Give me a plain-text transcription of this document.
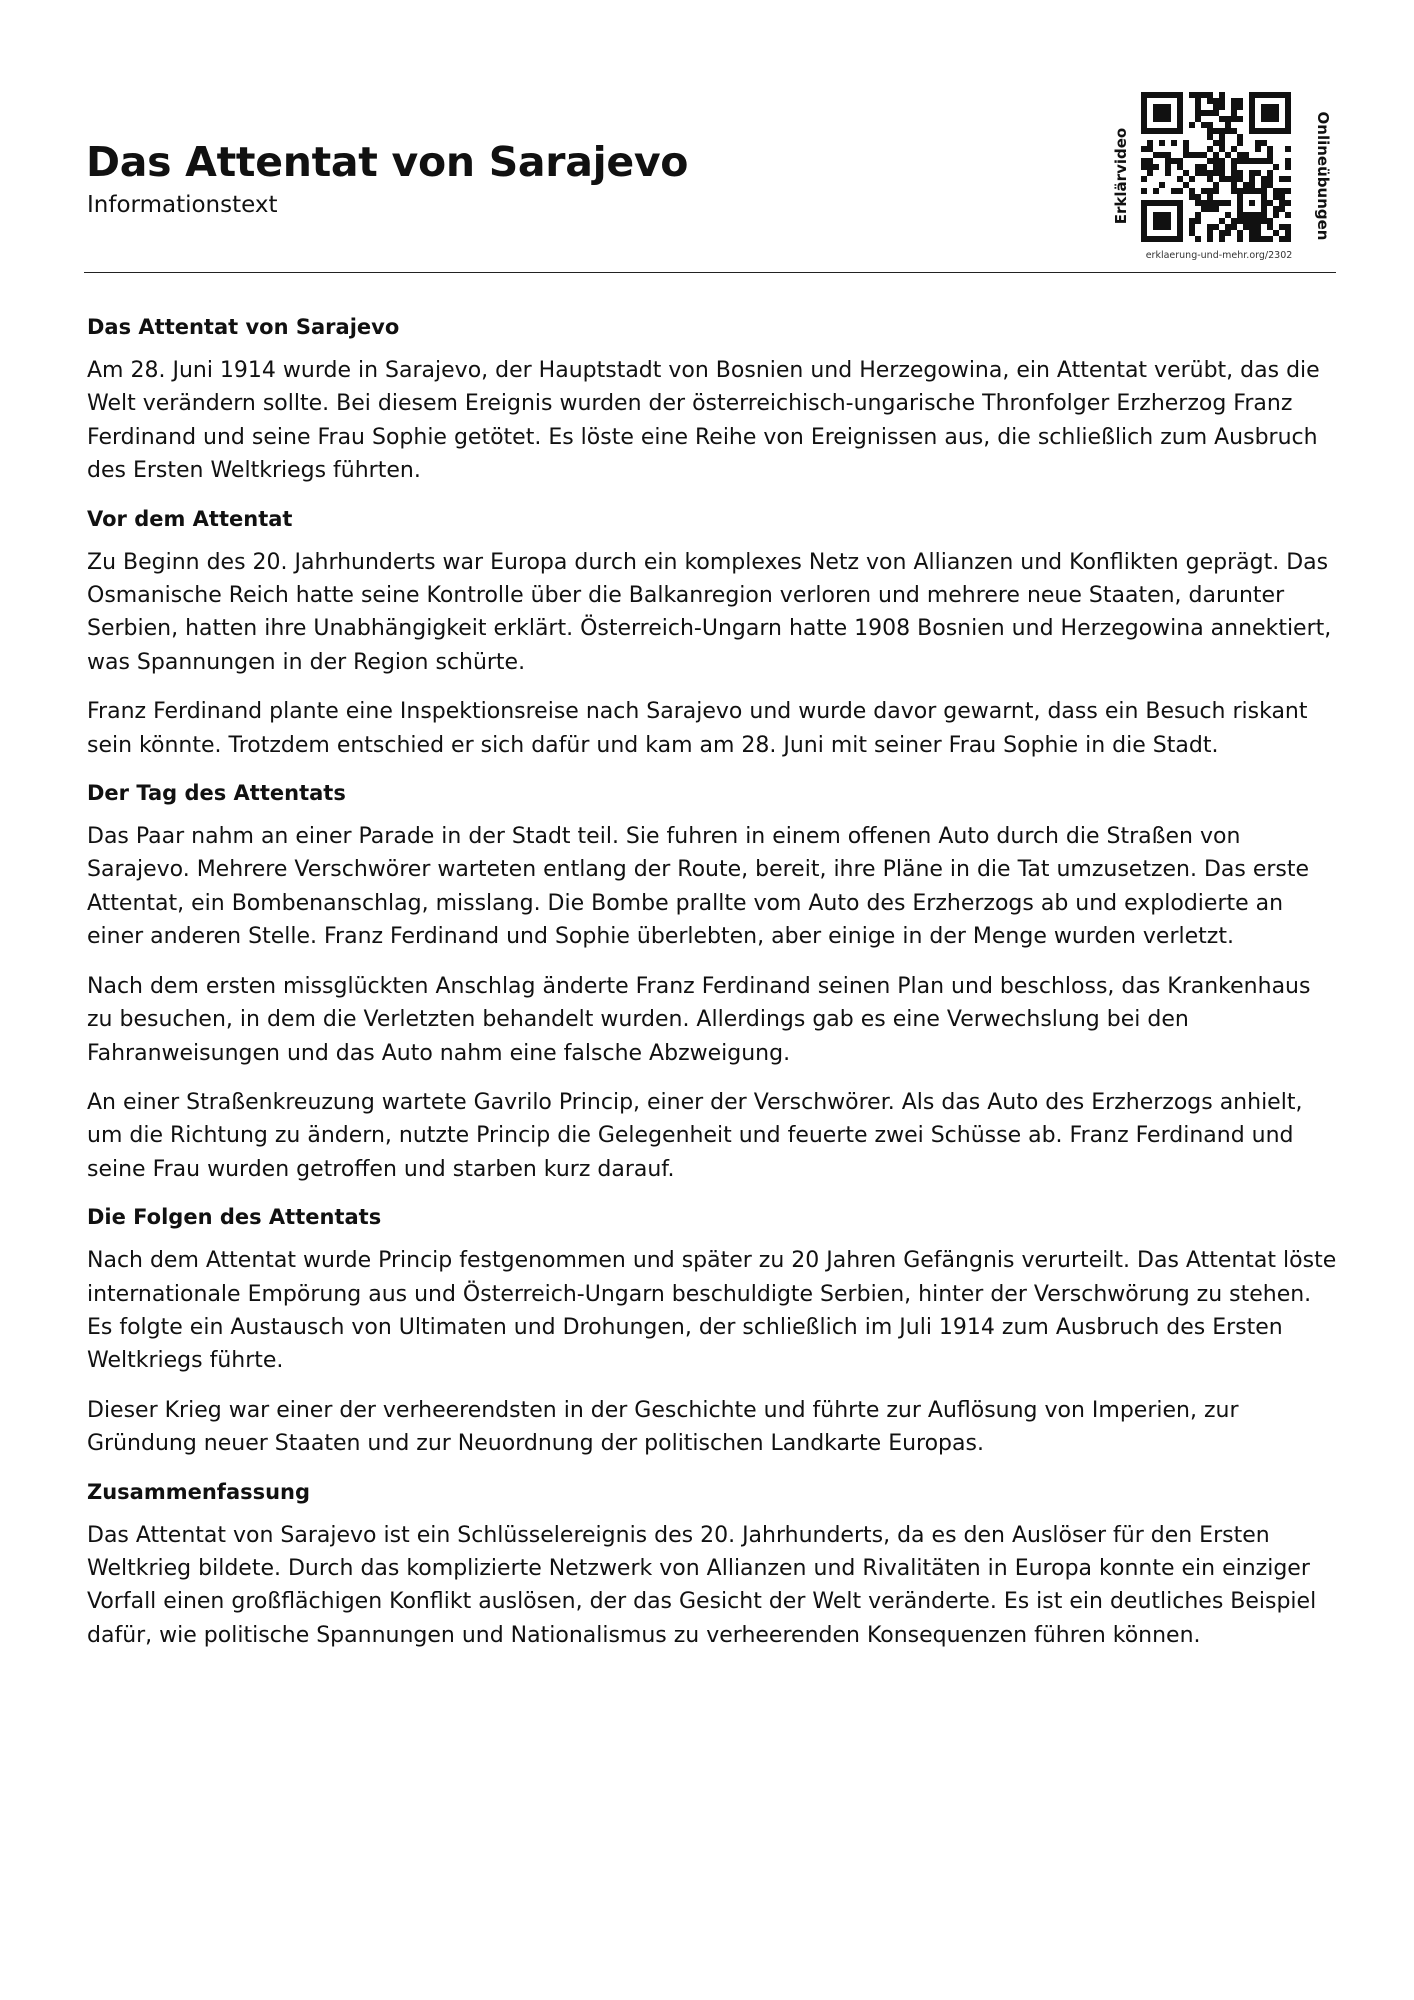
Das Attentat von Sarajevo

Informationstext	Erklärvideo	Onlineübungen
erklaerung-und-mehr.org/2302
Das Attentat von Sarajevo

Am 28. Juni 1914 wurde in Sarajevo, der Hauptstadt von Bosnien und Herzegowina, ein Attentat verübt, das die Welt verändern sollte. Bei diesem Ereignis wurden der österreichisch-ungarische Thronfolger Erzherzog Franz Ferdinand und seine Frau Sophie getötet. Es löste eine Reihe von Ereignissen aus, die schließlich zum Ausbruch des Ersten Weltkriegs führten.

Vor dem Attentat

Zu Beginn des 20. Jahrhunderts war Europa durch ein komplexes Netz von Allianzen und Konflikten geprägt. Das Osmanische Reich hatte seine Kontrolle über die Balkanregion verloren und mehrere neue Staaten, darunter Serbien, hatten ihre Unabhängigkeit erklärt. Österreich-Ungarn hatte 1908 Bosnien und Herzegowina annektiert, was Spannungen in der Region schürte.

Franz Ferdinand plante eine Inspektionsreise nach Sarajevo und wurde davor gewarnt, dass ein Besuch riskant sein könnte. Trotzdem entschied er sich dafür und kam am 28. Juni mit seiner Frau Sophie in die Stadt.

Der Tag des Attentats

Das Paar nahm an einer Parade in der Stadt teil. Sie fuhren in einem offenen Auto durch die Straßen von Sarajevo. Mehrere Verschwörer warteten entlang der Route, bereit, ihre Pläne in die Tat umzusetzen. Das erste Attentat, ein Bombenanschlag, misslang. Die Bombe prallte vom Auto des Erzherzogs ab und explodierte an einer anderen Stelle. Franz Ferdinand und Sophie überlebten, aber einige in der Menge wurden verletzt.

Nach dem ersten missglückten Anschlag änderte Franz Ferdinand seinen Plan und beschloss, das Krankenhaus zu besuchen, in dem die Verletzten behandelt wurden. Allerdings gab es eine Verwechslung bei den Fahranweisungen und das Auto nahm eine falsche Abzweigung.

An einer Straßenkreuzung wartete Gavrilo Princip, einer der Verschwörer. Als das Auto des Erzherzogs anhielt, um die Richtung zu ändern, nutzte Princip die Gelegenheit und feuerte zwei Schüsse ab. Franz Ferdinand und seine Frau wurden getroffen und starben kurz darauf.

Die Folgen des Attentats

Nach dem Attentat wurde Princip festgenommen und später zu 20 Jahren Gefängnis verurteilt. Das Attentat löste internationale Empörung aus und Österreich-Ungarn beschuldigte Serbien, hinter der Verschwörung zu stehen. Es folgte ein Austausch von Ultimaten und Drohungen, der schließlich im Juli 1914 zum Ausbruch des Ersten Weltkriegs führte.

Dieser Krieg war einer der verheerendsten in der Geschichte und führte zur Auflösung von Imperien, zur Gründung neuer Staaten und zur Neuordnung der politischen Landkarte Europas.

Zusammenfassung

Das Attentat von Sarajevo ist ein Schlüsselereignis des 20. Jahrhunderts, da es den Auslöser für den Ersten Weltkrieg bildete. Durch das komplizierte Netzwerk von Allianzen und Rivalitäten in Europa konnte ein einziger Vorfall einen großflächigen Konflikt auslösen, der das Gesicht der Welt veränderte. Es ist ein deutliches Beispiel dafür, wie politische Spannungen und Nationalismus zu verheerenden Konsequenzen führen können.
